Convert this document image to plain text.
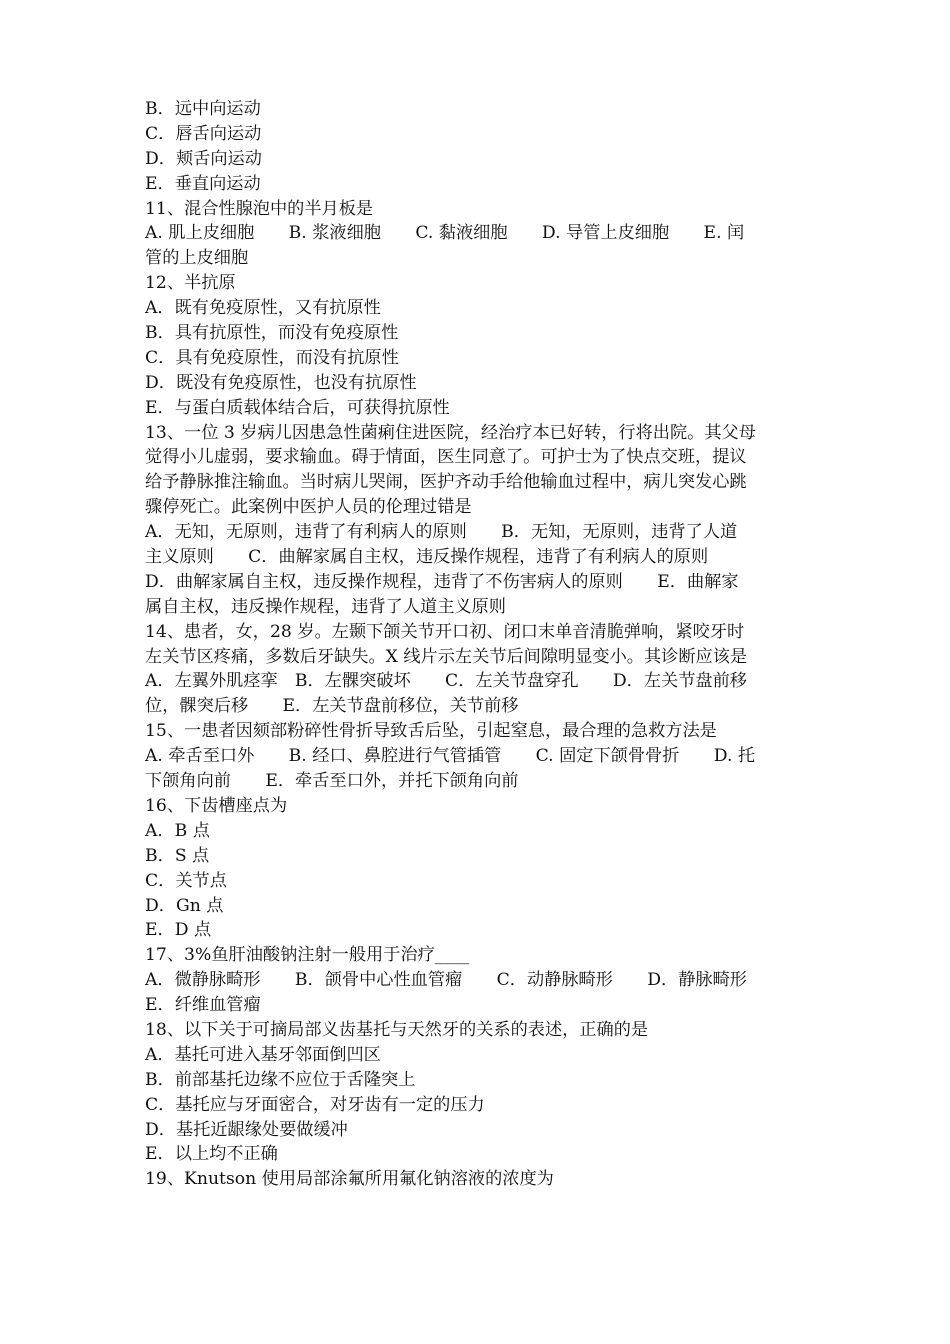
B．远中向运动
C．唇舌向运动
D．颊舌向运动
E．垂直向运动
11、混合性腺泡中的半月板是
A. 肌上皮细胞　　B. 浆液细胞　　C. 黏液细胞　　D. 导管上皮细胞　　E. 闰
管的上皮细胞
12、半抗原
A．既有免疫原性，又有抗原性
B．具有抗原性，而没有免疫原性
C．具有免疫原性，而没有抗原性
D．既没有免疫原性，也没有抗原性
E．与蛋白质载体结合后，可获得抗原性
13、一位 3 岁病儿因患急性菌痢住进医院，经治疗本已好转，行将出院。其父母
觉得小儿虚弱，要求输血。碍于情面，医生同意了。可护士为了快点交班，提议
给予静脉推注输血。当时病儿哭闹，医护齐动手给他输血过程中，病儿突发心跳
骤停死亡。此案例中医护人员的伦理过错是
A．无知，无原则，违背了有利病人的原则　　B．无知，无原则，违背了人道
主义原则　　C．曲解家属自主权，违反操作规程，违背了有利病人的原则
D．曲解家属自主权，违反操作规程，违背了不伤害病人的原则　　E．曲解家
属自主权，违反操作规程，违背了人道主义原则
14、患者，女，28 岁。左颞下颌关节开口初、闭口末单音清脆弹响，紧咬牙时
左关节区疼痛，多数后牙缺失。X 线片示左关节后间隙明显变小。其诊断应该是
A．左翼外肌痉挛　B．左髁突破坏　　C．左关节盘穿孔　　D．左关节盘前移
位，髁突后移　　E．左关节盘前移位，关节前移
15、一患者因颏部粉碎性骨折导致舌后坠，引起窒息，最合理的急救方法是
A. 牵舌至口外　　B. 经口、鼻腔进行气管插管　　C. 固定下颌骨骨折　　D. 托
下颌角向前　　E．牵舌至口外，并托下颌角向前
16、下齿槽座点为
A．B 点
B．S 点
C．关节点
D．Gn 点
E．D 点
17、3%鱼肝油酸钠注射一般用于治疗____
A．微静脉畸形　　B．颌骨中心性血管瘤　　C．动静脉畸形　　D．静脉畸形
E．纤维血管瘤
18、以下关于可摘局部义齿基托与天然牙的关系的表述，正确的是
A．基托可进入基牙邻面倒凹区
B．前部基托边缘不应位于舌隆突上
C．基托应与牙面密合，对牙齿有一定的压力
D．基托近龈缘处要做缓冲
E．以上均不正确
19、Knutson 使用局部涂氟所用氟化钠溶液的浓度为
